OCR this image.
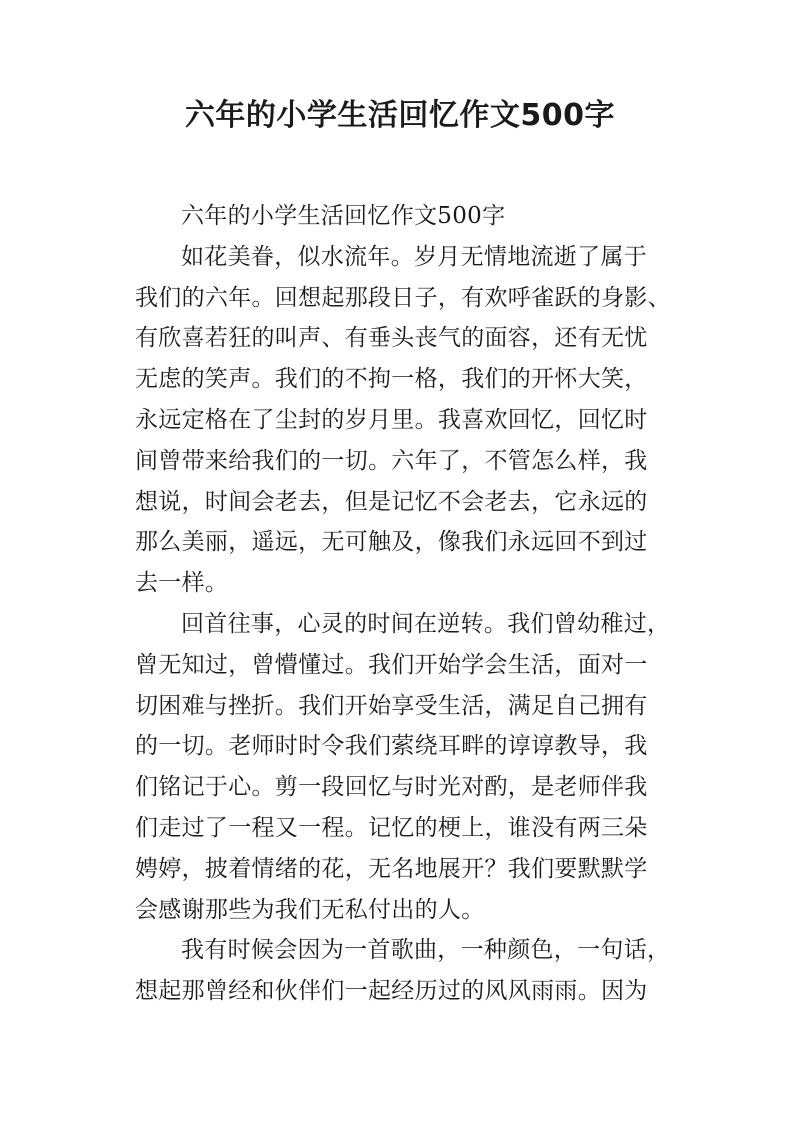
六年的小学生活回忆作文500字

六年的小学生活回忆作文500字

如花美眷，似水流年。岁月无情地流逝了属于

我们的六年。回想起那段日子，有欢呼雀跃的身影、

有欣喜若狂的叫声、有垂头丧气的面容，还有无忧

无虑的笑声。我们的不拘一格，我们的开怀大笑，

永远定格在了尘封的岁月里。我喜欢回忆，回忆时

间曾带来给我们的一切。六年了，不管怎么样，我

想说，时间会老去，但是记忆不会老去，它永远的

那么美丽，遥远，无可触及，像我们永远回不到过

去一样。

回首往事，心灵的时间在逆转。我们曾幼稚过，

曾无知过，曾懵懂过。我们开始学会生活，面对一

切困难与挫折。我们开始享受生活，满足自己拥有

的一切。老师时时令我们萦绕耳畔的谆谆教导，我

们铭记于心。剪一段回忆与时光对酌，是老师伴我

们走过了一程又一程。记忆的梗上，谁没有两三朵

娉婷，披着情绪的花，无名地展开？我们要默默学

会感谢那些为我们无私付出的人。

我有时候会因为一首歌曲，一种颜色，一句话，

想起那曾经和伙伴们一起经历过的风风雨雨。因为
